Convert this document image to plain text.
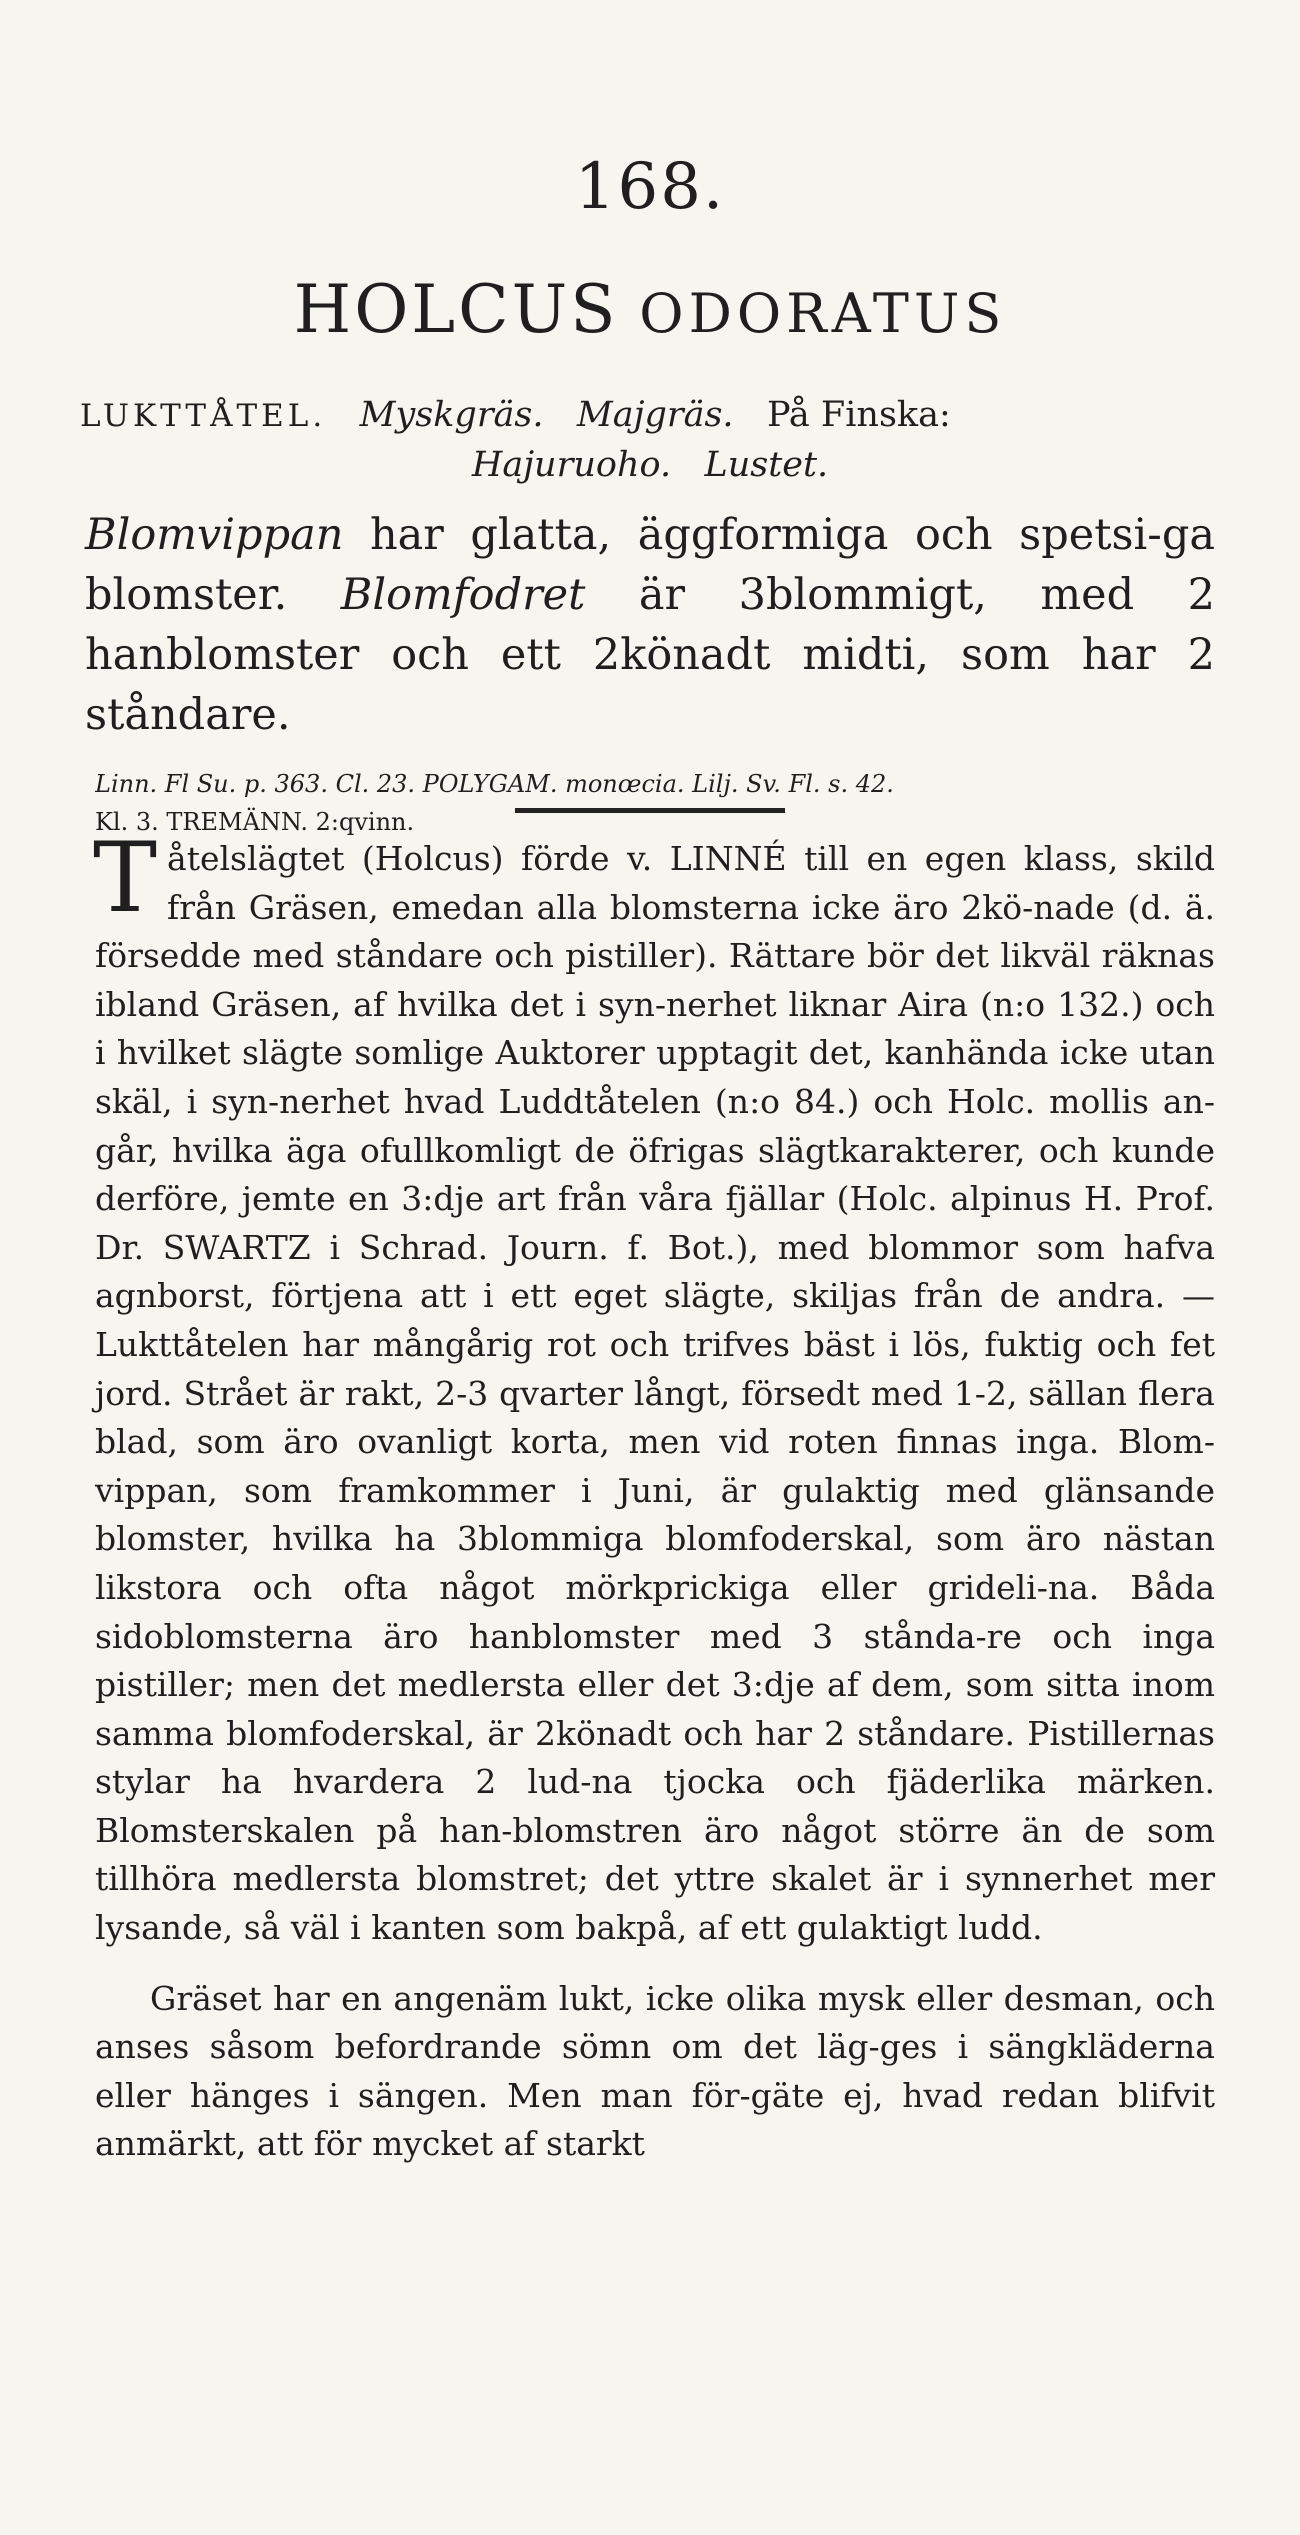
168.
HOLCUS ODORATUS
LUKTTÅTEL. Myskgräs. Majgräs. På Finska:
Hajuruoho. Lustet.

Blomvippan har glatta, äggformiga och spetsi-ga blomster. Blomfodret är 3blommigt, med 2 hanblomster och ett 2könadt midti, som har 2 ståndare.

Linn. Fl Su. p. 363. Cl. 23. POLYGAM. monœcia. Lilj. Sv. Fl. s. 42.
Kl. 3. TREMÄNN. 2:qvinn.

Tåtelslägtet (Holcus) förde v. LINNÉ till en egen klass, skild från Gräsen, emedan alla blomsterna icke äro 2kö-nade (d. ä. försedde med ståndare och pistiller). Rättare bör det likväl räknas ibland Gräsen, af hvilka det i syn-nerhet liknar Aira (n:o 132.) och i hvilket slägte somlige Auktorer upptagit det, kanhända icke utan skäl, i syn-nerhet hvad Luddtåtelen (n:o 84.) och Holc. mollis an-går, hvilka äga ofullkomligt de öfrigas slägtkarakterer, och kunde derföre, jemte en 3:dje art från våra fjällar (Holc. alpinus H. Prof. Dr. SWARTZ i Schrad. Journ. f. Bot.), med blommor som hafva agnborst, förtjena att i ett eget slägte, skiljas från de andra. — Lukttåtelen har mångårig rot och trifves bäst i lös, fuktig och fet jord. Strået är rakt, 2-3 qvarter långt, försedt med 1-2, sällan flera blad, som äro ovanligt korta, men vid roten finnas inga. Blom-vippan, som framkommer i Juni, är gulaktig med glänsande blomster, hvilka ha 3blommiga blomfoderskal, som äro nästan likstora och ofta något mörkprickiga eller grideli-na. Båda sidoblomsterna äro hanblomster med 3 stånda-re och inga pistiller; men det medlersta eller det 3:dje af dem, som sitta inom samma blomfoderskal, är 2könadt och har 2 ståndare. Pistillernas stylar ha hvardera 2 lud-na tjocka och fjäderlika märken. Blomsterskalen på han-blomstren äro något större än de som tillhöra medlersta blomstret; det yttre skalet är i synnerhet mer lysande, så väl i kanten som bakpå, af ett gulaktigt ludd.

Gräset har en angenäm lukt, icke olika mysk eller desman, och anses såsom befordrande sömn om det läg-ges i sängkläderna eller hänges i sängen. Men man för-gäte ej, hvad redan blifvit anmärkt, att för mycket af starkt
